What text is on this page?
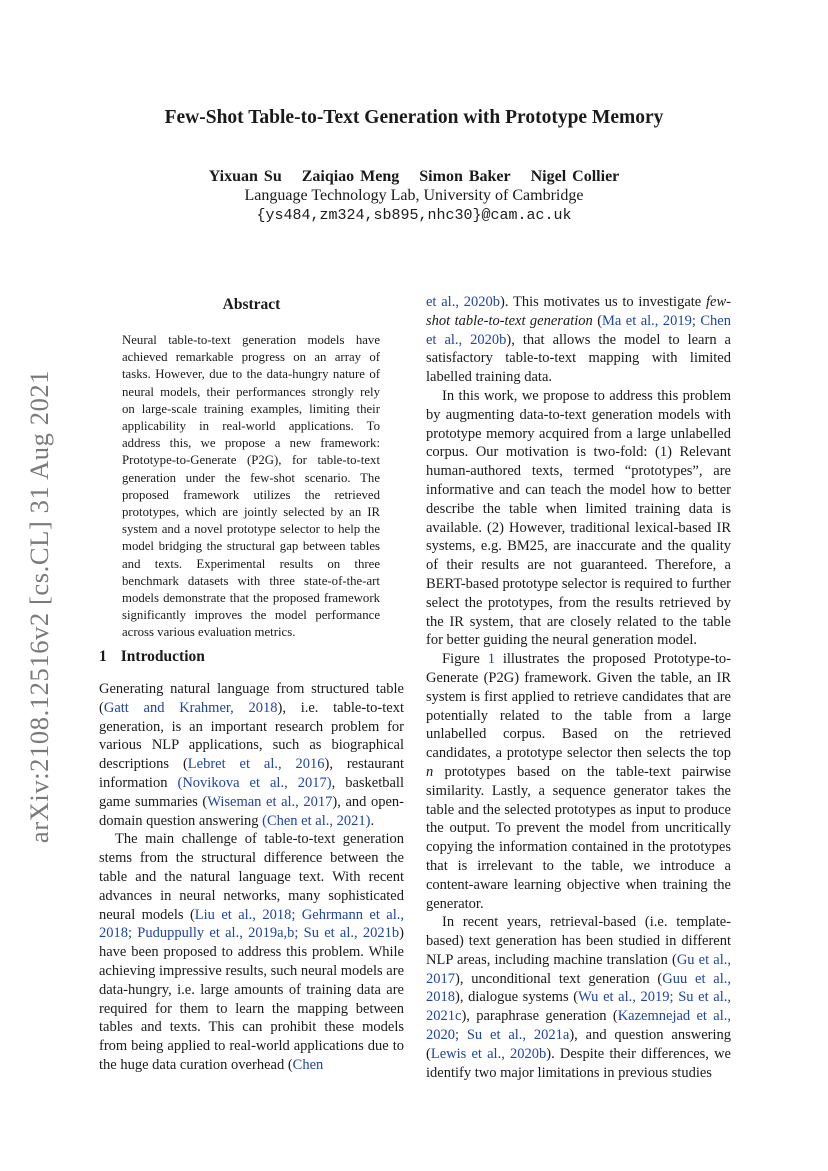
arXiv:2108.12516v2 [cs.CL] 31 Aug 2021
Few-Shot Table-to-Text Generation with Prototype Memory
Yixuan Su Zaiqiao Meng Simon Baker Nigel Collier
Language Technology Lab, University of Cambridge
{ys484,zm324,sb895,nhc30}@cam.ac.uk
Abstract
Neural table-to-text generation models have achieved remarkable progress on an array of tasks. However, due to the data-hungry nature of neural models, their performances strongly rely on large-scale training examples, limiting their applicability in real-world applications. To address this, we propose a new framework: Prototype-to-Generate (P2G), for table-to-text generation under the few-shot scenario. The proposed framework utilizes the retrieved prototypes, which are jointly selected by an IR system and a novel prototype selector to help the model bridging the structural gap between tables and texts. Experimental results on three benchmark datasets with three state-of-the-art models demonstrate that the proposed framework significantly improves the model performance across various evaluation metrics.
1 Introduction

Generating natural language from structured table (Gatt and Krahmer, 2018), i.e. table-to-text generation, is an important research problem for various NLP applications, such as biographical descriptions (Lebret et al., 2016), restaurant information (Novikova et al., 2017), basketball game summaries (Wiseman et al., 2017), and open-domain question answering (Chen et al., 2021).

The main challenge of table-to-text generation stems from the structural difference between the table and the natural language text. With recent advances in neural networks, many sophisticated neural models (Liu et al., 2018; Gehrmann et al., 2018; Puduppully et al., 2019a,b; Su et al., 2021b) have been proposed to address this problem. While achieving impressive results, such neural models are data-hungry, i.e. large amounts of training data are required for them to learn the mapping between tables and texts. This can prohibit these models from being applied to real-world applications due to the huge data curation overhead (Chen

et al., 2020b). This motivates us to investigate few-shot table-to-text generation (Ma et al., 2019; Chen et al., 2020b), that allows the model to learn a satisfactory table-to-text mapping with limited labelled training data.

In this work, we propose to address this problem by augmenting data-to-text generation models with prototype memory acquired from a large unlabelled corpus. Our motivation is two-fold: (1) Relevant human-authored texts, termed “prototypes”, are informative and can teach the model how to better describe the table when limited training data is available. (2) However, traditional lexical-based IR systems, e.g. BM25, are inaccurate and the quality of their results are not guaranteed. Therefore, a BERT-based prototype selector is required to further select the prototypes, from the results retrieved by the IR system, that are closely related to the table for better guiding the neural generation model.

Figure 1 illustrates the proposed Prototype-to-Generate (P2G) framework. Given the table, an IR system is first applied to retrieve candidates that are potentially related to the table from a large unlabelled corpus. Based on the retrieved candidates, a prototype selector then selects the top n prototypes based on the table-text pairwise similarity. Lastly, a sequence generator takes the table and the selected prototypes as input to produce the output. To prevent the model from uncritically copying the information contained in the prototypes that is irrelevant to the table, we introduce a content-aware learning objective when training the generator.

In recent years, retrieval-based (i.e. template-based) text generation has been studied in different NLP areas, including machine translation (Gu et al., 2017), unconditional text generation (Guu et al., 2018), dialogue systems (Wu et al., 2019; Su et al., 2021c), paraphrase generation (Kazemnejad et al., 2020; Su et al., 2021a), and question answering (Lewis et al., 2020b). Despite their differences, we identify two major limitations in previous studies
